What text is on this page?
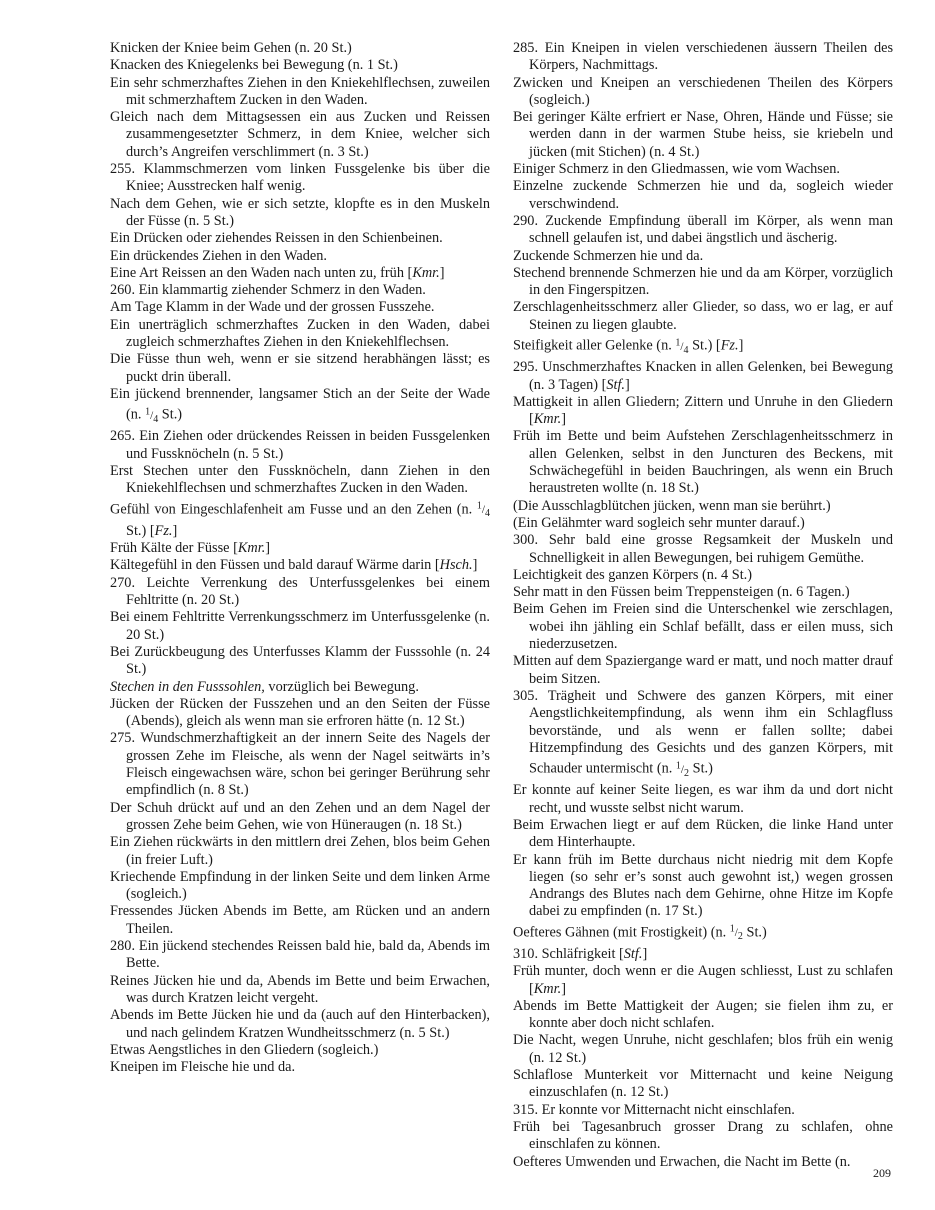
Knicken der Kniee beim Gehen (n. 20 St.)
Knacken des Kniegelenks bei Bewegung (n. 1 St.)
Ein sehr schmerzhaftes Ziehen in den Kniekehlflechsen, zuweilen mit schmerzhaftem Zucken in den Waden.
Gleich nach dem Mittagsessen ein aus Zucken und Reissen zusammengesetzter Schmerz, in dem Kniee, welcher sich durch’s Angreifen verschlimmert (n. 3 St.)
255. Klammschmerzen vom linken Fussgelenke bis über die Kniee; Ausstrecken half wenig.
Nach dem Gehen, wie er sich setzte, klopfte es in den Muskeln der Füsse (n. 5 St.)
Ein Drücken oder ziehendes Reissen in den Schienbeinen.
Ein drückendes Ziehen in den Waden.
Eine Art Reissen an den Waden nach unten zu, früh [Kmr.]
260. Ein klammartig ziehender Schmerz in den Waden.
Am Tage Klamm in der Wade und der grossen Fusszehe.
Ein unerträglich schmerzhaftes Zucken in den Waden, dabei zugleich schmerzhaftes Ziehen in den Kniekehlflechsen.
Die Füsse thun weh, wenn er sie sitzend herabhängen lässt; es puckt drin überall.
Ein jückend brennender, langsamer Stich an der Seite der Wade (n. $^1/_4$ St.)
265. Ein Ziehen oder drückendes Reissen in beiden Fussgelenken und Fussknöcheln (n. 5 St.)
Erst Stechen unter den Fussknöcheln, dann Ziehen in den Kniekehlflechsen und schmerzhaftes Zucken in den Waden.
Gefühl von Eingeschlafenheit am Fusse und an den Zehen (n. $^1/_4$ St.) [Fz.]
Früh Kälte der Füsse [Kmr.]
Kältegefühl in den Füssen und bald darauf Wärme darin [Hsch.]
270. Leichte Verrenkung des Unterfussgelenkes bei einem Fehltritte (n. 20 St.)
Bei einem Fehltritte Verrenkungsschmerz im Unterfussgelenke (n. 20 St.)
Bei Zurückbeugung des Unterfusses Klamm der Fusssohle (n. 24 St.)
Stechen in den Fusssohlen, vorzüglich bei Bewegung.
Jücken der Rücken der Fusszehen und an den Seiten der Füsse (Abends), gleich als wenn man sie erfroren hätte (n. 12 St.)
275. Wundschmerzhaftigkeit an der innern Seite des Nagels der grossen Zehe im Fleische, als wenn der Nagel seitwärts in’s Fleisch eingewachsen wäre, schon bei geringer Berührung sehr empfindlich (n. 8 St.)
Der Schuh drückt auf und an den Zehen und an dem Nagel der grossen Zehe beim Gehen, wie von Hüneraugen (n. 18 St.)
Ein Ziehen rückwärts in den mittlern drei Zehen, blos beim Gehen (in freier Luft.)
Kriechende Empfindung in der linken Seite und dem linken Arme (sogleich.)
Fressendes Jücken Abends im Bette, am Rücken und an andern Theilen.
280. Ein jückend stechendes Reissen bald hie, bald da, Abends im Bette.
Reines Jücken hie und da, Abends im Bette und beim Erwachen, was durch Kratzen leicht vergeht.
Abends im Bette Jücken hie und da (auch auf den Hinterbacken), und nach gelindem Kratzen Wundheitsschmerz (n. 5 St.)
Etwas Aengstliches in den Gliedern (sogleich.)
Kneipen im Fleische hie und da.
285. Ein Kneipen in vielen verschiedenen äussern Theilen des Körpers, Nachmittags.
Zwicken und Kneipen an verschiedenen Theilen des Körpers (sogleich.)
Bei geringer Kälte erfriert er Nase, Ohren, Hände und Füsse; sie werden dann in der warmen Stube heiss, sie kriebeln und jücken (mit Stichen) (n. 4 St.)
Einiger Schmerz in den Gliedmassen, wie vom Wachsen.
Einzelne zuckende Schmerzen hie und da, sogleich wieder verschwindend.
290. Zuckende Empfindung überall im Körper, als wenn man schnell gelaufen ist, und dabei ängstlich und äscherig.
Zuckende Schmerzen hie und da.
Stechend brennende Schmerzen hie und da am Körper, vorzüglich in den Fingerspitzen.
Zerschlagenheitsschmerz aller Glieder, so dass, wo er lag, er auf Steinen zu liegen glaubte.
Steifigkeit aller Gelenke (n. $^1/_4$ St.) [Fz.]
295. Unschmerzhaftes Knacken in allen Gelenken, bei Bewegung (n. 3 Tagen) [Stf.]
Mattigkeit in allen Gliedern; Zittern und Unruhe in den Gliedern [Kmr.]
Früh im Bette und beim Aufstehen Zerschlagenheitsschmerz in allen Gelenken, selbst in den Juncturen des Beckens, mit Schwächegefühl in beiden Bauchringen, als wenn ein Bruch heraustreten wollte (n. 18 St.)
(Die Ausschlagblütchen jücken, wenn man sie berührt.)
(Ein Gelähmter ward sogleich sehr munter darauf.)
300. Sehr bald eine grosse Regsamkeit der Muskeln und Schnelligkeit in allen Bewegungen, bei ruhigem Gemüthe.
Leichtigkeit des ganzen Körpers (n. 4 St.)
Sehr matt in den Füssen beim Treppensteigen (n. 6 Tagen.)
Beim Gehen im Freien sind die Unterschenkel wie zerschlagen, wobei ihn jähling ein Schlaf befällt, dass er eilen muss, sich niederzusetzen.
Mitten auf dem Spaziergange ward er matt, und noch matter drauf beim Sitzen.
305. Trägheit und Schwere des ganzen Körpers, mit einer Aengstlichkeitempfindung, als wenn ihm ein Schlagfluss bevorstände, und als wenn er fallen sollte; dabei Hitzempfindung des Gesichts und des ganzen Körpers, mit Schauder untermischt (n. $^1/_2$ St.)
Er konnte auf keiner Seite liegen, es war ihm da und dort nicht recht, und wusste selbst nicht warum.
Beim Erwachen liegt er auf dem Rücken, die linke Hand unter dem Hinterhaupte.
Er kann früh im Bette durchaus nicht niedrig mit dem Kopfe liegen (so sehr er’s sonst auch gewohnt ist,) wegen grossen Andrangs des Blutes nach dem Gehirne, ohne Hitze im Kopfe dabei zu empfinden (n. 17 St.)
Oefteres Gähnen (mit Frostigkeit) (n. $^1/_2$ St.)
310. Schläfrigkeit [Stf.]
Früh munter, doch wenn er die Augen schliesst, Lust zu schlafen [Kmr.]
Abends im Bette Mattigkeit der Augen; sie fielen ihm zu, er konnte aber doch nicht schlafen.
Die Nacht, wegen Unruhe, nicht geschlafen; blos früh ein wenig (n. 12 St.)
Schlaflose Munterkeit vor Mitternacht und keine Neigung einzuschlafen (n. 12 St.)
315. Er konnte vor Mitternacht nicht einschlafen.
Früh bei Tagesanbruch grosser Drang zu schlafen, ohne einschlafen zu können.
Oefteres Umwenden und Erwachen, die Nacht im Bette (n.
209
